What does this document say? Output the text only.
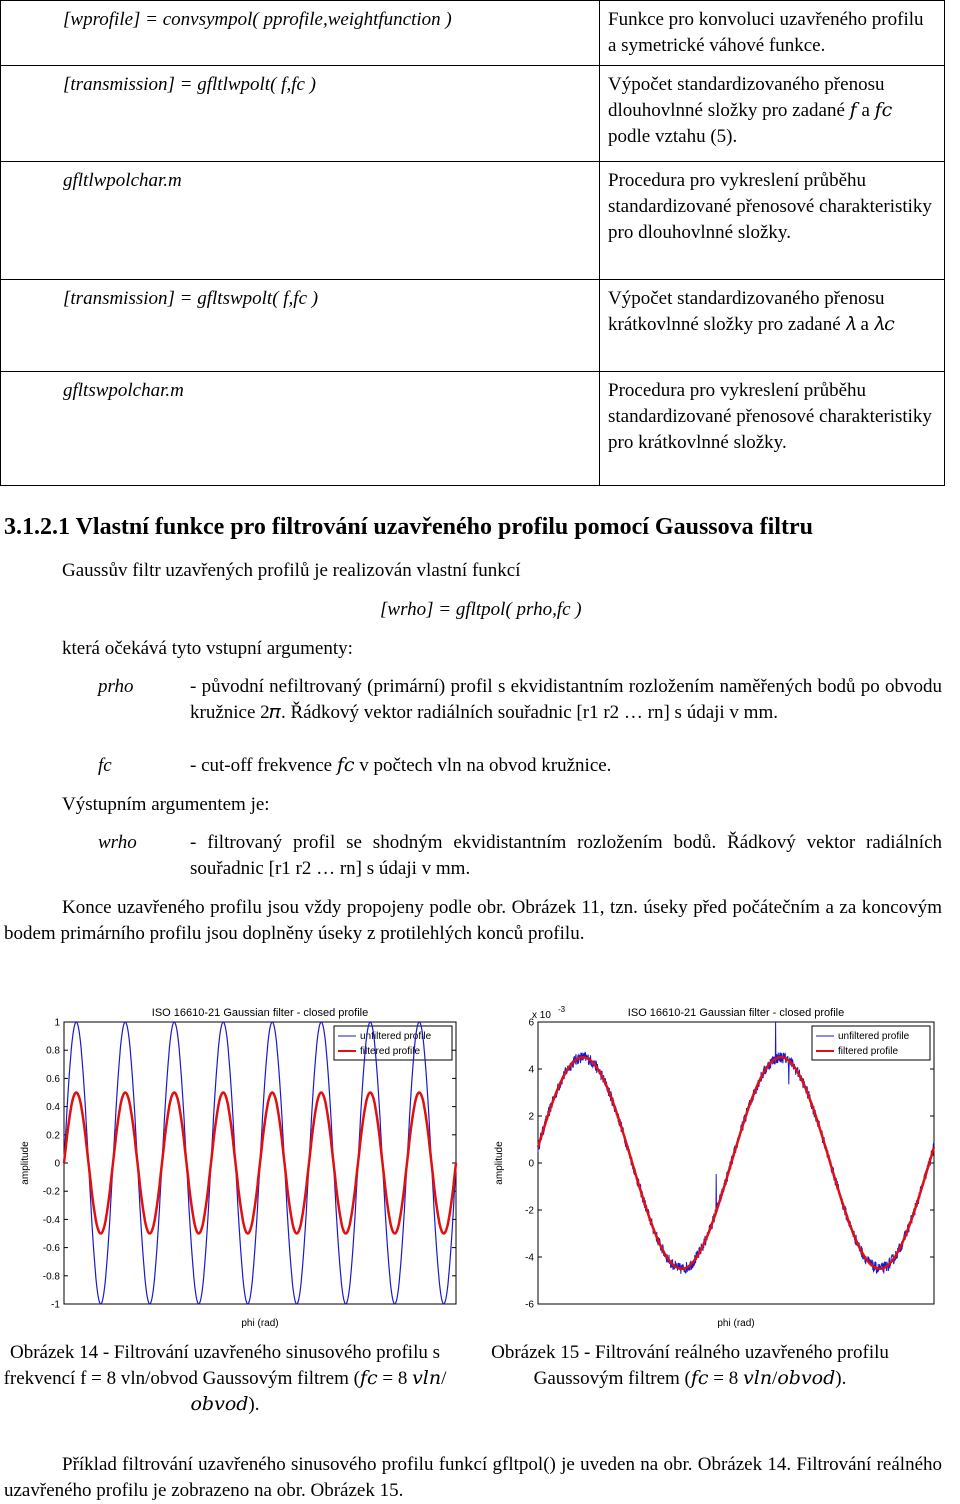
[wprofile] = convsympol( pprofile,weightfunction )	Funkce pro konvoluci uzavřeného profilu a symetrické váhové funkce.
[transmission] = gfltlwpolt( f,fc )	Výpočet standardizovaného přenosu dlouhovlnné složky pro zadané 𝑓 a 𝑓𝑐 podle vztahu (5).
gfltlwpolchar.m	Procedura pro vykreslení průběhu standardizované přenosové charakteristiky pro dlouhovlnné složky.
[transmission] = gfltswpolt( f,fc )	Výpočet standardizovaného přenosu krátkovlnné složky pro zadané 𝜆 a 𝜆𝑐
gfltswpolchar.m	Procedura pro vykreslení průběhu standardizované přenosové charakteristiky pro krátkovlnné složky.
3.1.2.1 Vlastní funkce pro filtrování uzavřeného profilu pomocí Gaussova filtru
Gaussův filtr uzavřených profilů je realizován vlastní funkcí
[wrho] = gfltpol( prho,fc )
která očekává tyto vstupní argumenty:
prho	- původní nefiltrovaný (primární) profil s ekvidistantním rozložením naměřených bodů po obvodu kružnice 2𝜋. Řádkový vektor radiálních souřadnic [r1 r2 … rn] s údaji v mm.
fc	- cut-off frekvence 𝑓𝑐 v počtech vln na obvod kružnice.
Výstupním argumentem je:
wrho	- filtrovaný profil se shodným ekvidistantním rozložením bodů. Řádkový vektor radiálních souřadnic [r1 r2 … rn] s údaji v mm.
Konce uzavřeného profilu jsou vždy propojeny podle obr. Obrázek 11, tzn. úseky před počátečním a za koncovým bodem primárního profilu jsou doplněny úseky z protilehlých konců profilu.
ISO 16610-21 Gaussian filter - closed profile
phi (rad)
amplitude
1
0.8
0.6
0.4
0.2
0
-0.2
-0.4
-0.6
-0.8
-1
unfiltered profile
filtered profile
ISO 16610-21 Gaussian filter - closed profile
phi (rad)
amplitude
6
4
2
0
-2
-4
-6
unfiltered profile
filtered profile
x 10
-3
Obrázek 14 - Filtrování uzavřeného sinusového profilu s frekvencí f = 8 vln/obvod Gaussovým filtrem (𝑓𝑐 = 8 𝑣𝑙𝑛/𝑜𝑏𝑣𝑜𝑑).
Obrázek 15 - Filtrování reálného uzavřeného profilu Gaussovým filtrem (𝑓𝑐 = 8 𝑣𝑙𝑛/𝑜𝑏𝑣𝑜𝑑).
Příklad filtrování uzavřeného sinusového profilu funkcí gfltpol() je uveden na obr. Obrázek 14. Filtrování reálného uzavřeného profilu je zobrazeno na obr. Obrázek 15.
